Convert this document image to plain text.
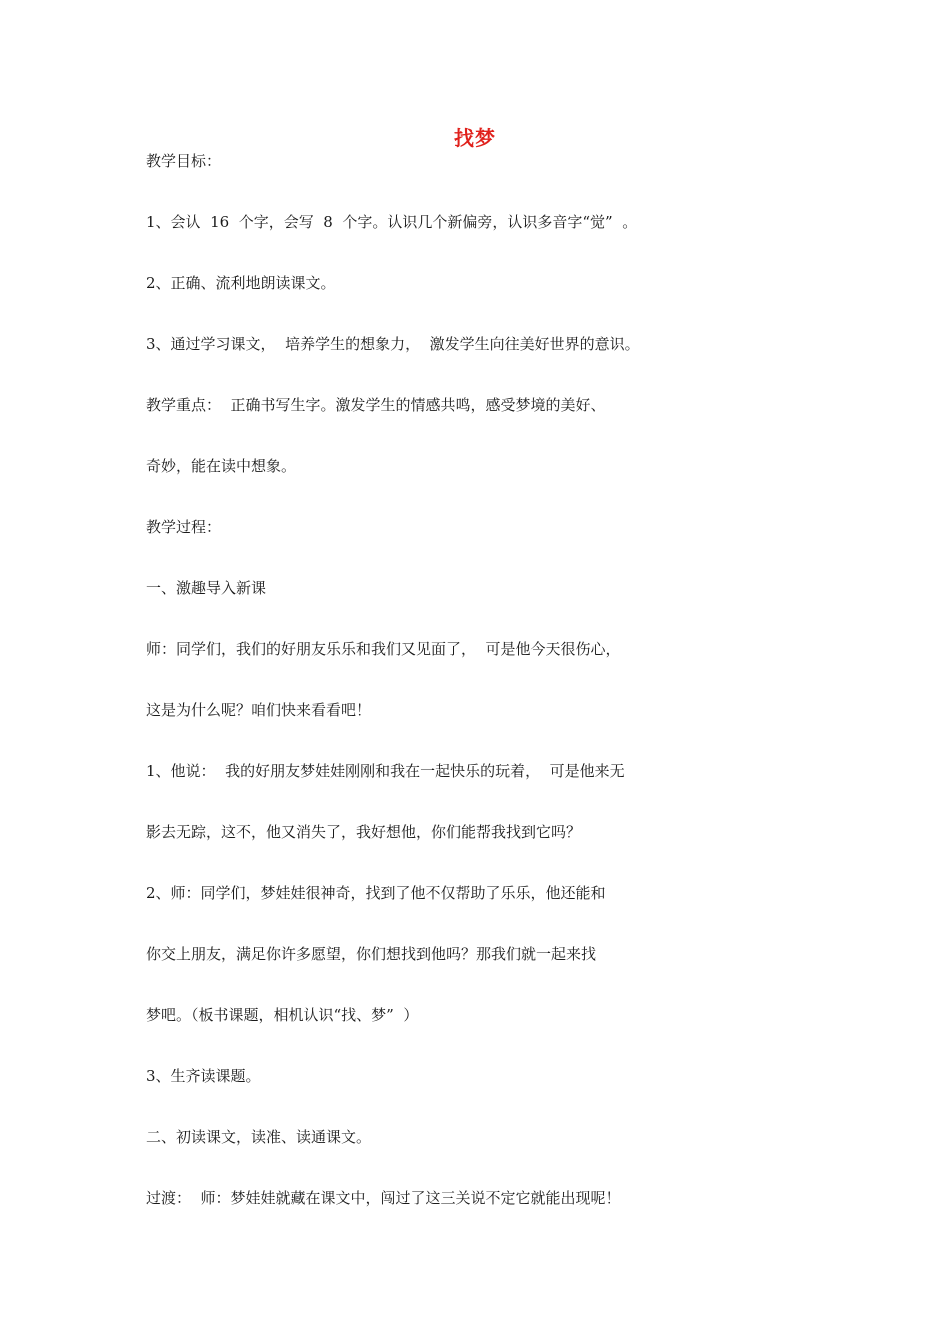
找梦
教学目标：
1、会认  16  个字，会写  8  个字。认识几个新偏旁，认识多音字“觉”  。
2、正确、流利地朗读课文。
3、通过学习课文，  培养学生的想象力，  激发学生向往美好世界的意识。
教学重点：  正确书写生字。激发学生的情感共鸣，感受梦境的美好、
奇妙，能在读中想象。
教学过程：
一、激趣导入新课
师：同学们，我们的好朋友乐乐和我们又见面了，  可是他今天很伤心，
这是为什么呢？咱们快来看看吧！
1、他说：  我的好朋友梦娃娃刚刚和我在一起快乐的玩着，  可是他来无
影去无踪，这不，他又消失了，我好想他，你们能帮我找到它吗？
2、师：同学们，梦娃娃很神奇，找到了他不仅帮助了乐乐，他还能和
你交上朋友，满足你许多愿望，你们想找到他吗？那我们就一起来找
梦吧。（板书课题，相机认识“找、梦”  ）
3、生齐读课题。
二、初读课文，读准、读通课文。
过渡：  师：梦娃娃就藏在课文中，闯过了这三关说不定它就能出现呢！
